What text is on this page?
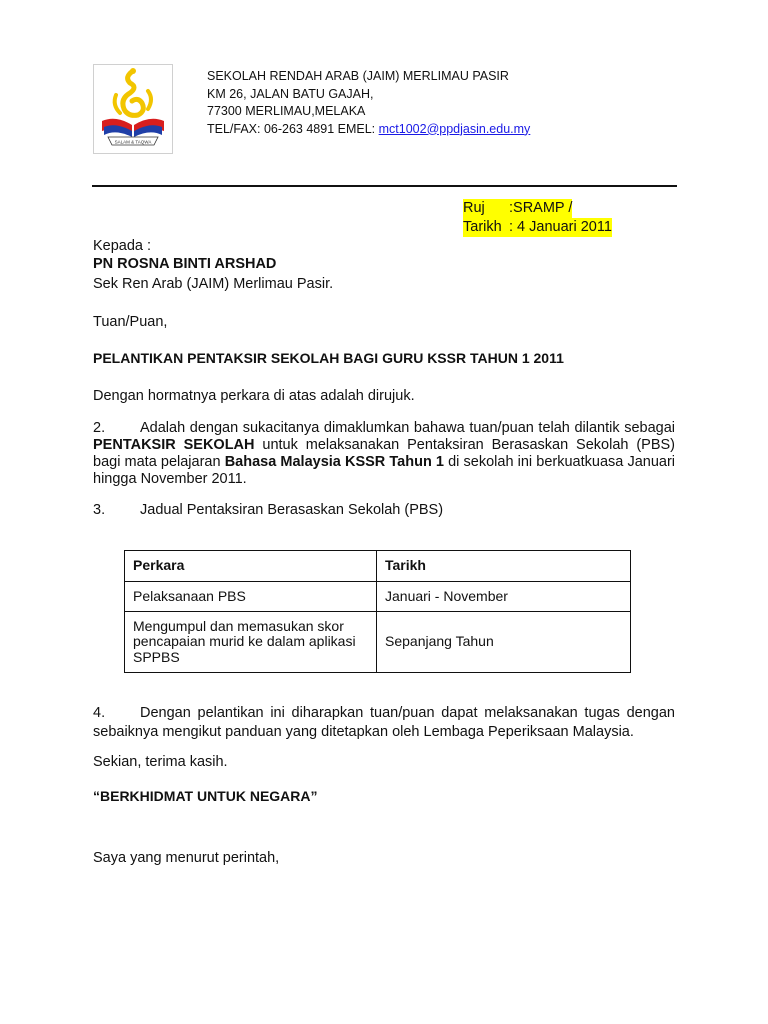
SALAM & TAQWA
SEKOLAH RENDAH ARAB (JAIM) MERLIMAU PASIR
KM 26, JALAN BATU GAJAH,
77300 MERLIMAU,MELAKA
TEL/FAX: 06-263 4891 EMEL: mct1002@ppdjasin.edu.my
Ruj :SRAMP /
Tarikh : 4 Januari 2011
Kepada :
PN ROSNA BINTI ARSHAD
Sek Ren Arab (JAIM) Merlimau Pasir.
Tuan/Puan,
PELANTIKAN PENTAKSIR SEKOLAH BAGI GURU KSSR TAHUN 1 2011
Dengan hormatnya perkara di atas adalah dirujuk.
2. Adalah dengan sukacitanya dimaklumkan bahawa tuan/puan telah dilantik sebagai PENTAKSIR SEKOLAH untuk melaksanakan Pentaksiran Berasaskan Sekolah (PBS) bagi mata pelajaran Bahasa Malaysia KSSR Tahun 1 di sekolah ini berkuatkuasa Januari hingga November 2011.
3. Jadual Pentaksiran Berasaskan Sekolah (PBS)
Perkara	Tarikh
Pelaksanaan PBS	Januari - November
Mengumpul dan memasukan skor pencapaian murid ke dalam aplikasi SPPBS	Sepanjang Tahun
4. Dengan pelantikan ini diharapkan tuan/puan dapat melaksanakan tugas dengan sebaiknya mengikut panduan yang ditetapkan oleh Lembaga Peperiksaan Malaysia.
Sekian, terima kasih.
“BERKHIDMAT UNTUK NEGARA”
Saya yang menurut perintah,
